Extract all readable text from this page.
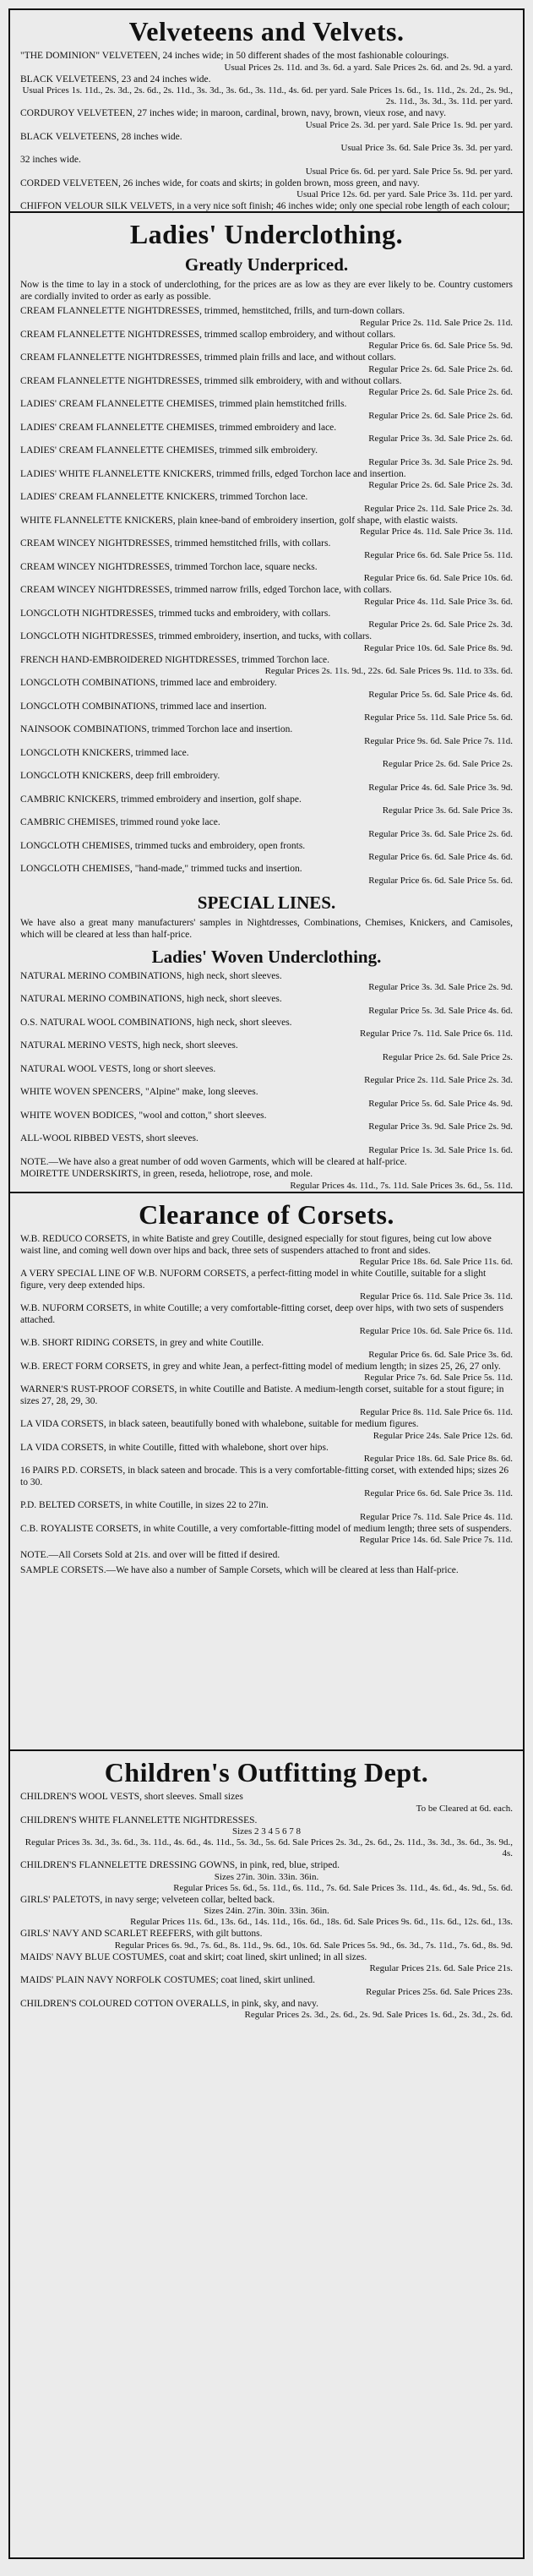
Velveteens and Velvets.
"THE DOMINION" VELVETEEN, 24 inches wide; in 50 different shades of the most fashionable colourings.
Usual Prices 2s. 11d. and 3s. 6d. a yard. Sale Prices 2s. 6d. and 2s. 9d. a yard.
BLACK VELVETEENS, 23 and 24 inches wide.
Usual Prices 1s. 11d., 2s. 3d., 2s. 6d., 2s. 11d., 3s. 3d., 3s. 6d., 3s. 11d., 4s. 6d. per yard. Sale Prices 1s. 6d., 1s. 11d., 2s. 2d., 2s. 9d., 2s. 11d., 3s. 3d., 3s. 11d. per yard.
CORDUROY VELVETEEN, 27 inches wide; in maroon, cardinal, brown, navy, brown, vieux rose, and navy.
Usual Price 2s. 3d. per yard. Sale Price 1s. 9d. per yard.
BLACK VELVETEENS, 28 inches wide.
Usual Price 3s. 6d. Sale Price 3s. 3d. per yard.
32 inches wide.
Usual Price 6s. 6d. per yard. Sale Price 5s. 9d. per yard.
CORDED VELVETEEN, 26 inches wide, for coats and skirts; in golden brown, moss green, and navy.
Usual Price 12s. 6d. per yard. Sale Price 3s. 11d. per yard.
CHIFFON VELOUR SILK VELVETS, in a very nice soft finish; 46 inches wide; only one special robe length of each colour;
Ladies' Underclothing.
Greatly Underpriced.
Now is the time to lay in a stock of underclothing, for the prices are as low as they are ever likely to be. Country customers are cordially invited to order as early as possible.
CREAM FLANNELETTE NIGHTDRESSES, trimmed, hemstitched, frills, and turn-down collars.
Regular Price 2s. 11d. Sale Price 2s. 11d.
CREAM FLANNELETTE NIGHTDRESSES, trimmed scallop embroidery, and without collars.
Regular Price 6s. 6d. Sale Price 5s. 9d.
CREAM FLANNELETTE NIGHTDRESSES, trimmed plain frills and lace, and without collars.
Regular Price 2s. 6d. Sale Price 2s. 6d.
CREAM FLANNELETTE NIGHTDRESSES, trimmed silk embroidery, with and without collars.
Regular Price 2s. 6d. Sale Price 2s. 6d.
LADIES' CREAM FLANNELETTE CHEMISES, trimmed plain hemstitched frills.
Regular Price 2s. 6d. Sale Price 2s. 6d.
LADIES' CREAM FLANNELETTE CHEMISES, trimmed embroidery and lace.
Regular Price 3s. 3d. Sale Price 2s. 6d.
LADIES' CREAM FLANNELETTE CHEMISES, trimmed silk embroidery.
Regular Price 3s. 3d. Sale Price 2s. 9d.
LADIES' WHITE FLANNELETTE KNICKERS, trimmed frills, edged Torchon lace and insertion.
Regular Price 2s. 6d. Sale Price 2s. 3d.
LADIES' CREAM FLANNELETTE KNICKERS, trimmed Torchon lace.
Regular Price 2s. 11d. Sale Price 2s. 3d.
WHITE FLANNELETTE KNICKERS, plain knee-band of embroidery insertion, golf shape, with elastic waists.
Regular Price 4s. 11d. Sale Price 3s. 11d.
CREAM WINCEY NIGHTDRESSES, trimmed hemstitched frills, with collars.
Regular Price 6s. 6d. Sale Price 5s. 11d.
CREAM WINCEY NIGHTDRESSES, trimmed Torchon lace, square necks.
Regular Price 6s. 6d. Sale Price 10s. 6d.
CREAM WINCEY NIGHTDRESSES, trimmed narrow frills, edged Torchon lace, with collars.
Regular Price 4s. 11d. Sale Price 3s. 6d.
LONGCLOTH NIGHTDRESSES, trimmed tucks and embroidery, with collars.
Regular Price 2s. 6d. Sale Price 2s. 3d.
LONGCLOTH NIGHTDRESSES, trimmed embroidery, insertion, and tucks, with collars.
Regular Price 10s. 6d. Sale Price 8s. 9d.
FRENCH HAND-EMBROIDERED NIGHTDRESSES, trimmed Torchon lace.
Regular Prices 2s. 11s. 9d., 22s. 6d. Sale Prices 9s. 11d. to 33s. 6d.
LONGCLOTH COMBINATIONS, trimmed lace and embroidery.
Regular Price 5s. 6d. Sale Price 4s. 6d.
LONGCLOTH COMBINATIONS, trimmed lace and insertion.
Regular Price 5s. 11d. Sale Price 5s. 6d.
NAINSOOK COMBINATIONS, trimmed Torchon lace and insertion.
Regular Price 9s. 6d. Sale Price 7s. 11d.
LONGCLOTH KNICKERS, trimmed lace.
Regular Price 2s. 6d. Sale Price 2s.
LONGCLOTH KNICKERS, deep frill embroidery.
Regular Price 4s. 6d. Sale Price 3s. 9d.
CAMBRIC KNICKERS, trimmed embroidery and insertion, golf shape.
Regular Price 3s. 6d. Sale Price 3s.
CAMBRIC CHEMISES, trimmed round yoke lace.
Regular Price 3s. 6d. Sale Price 2s. 6d.
LONGCLOTH CHEMISES, trimmed tucks and embroidery, open fronts.
Regular Price 6s. 6d. Sale Price 4s. 6d.
LONGCLOTH CHEMISES, "hand-made," trimmed tucks and insertion.
Regular Price 6s. 6d. Sale Price 5s. 6d.
SPECIAL LINES.
We have also a great many manufacturers' samples in Nightdresses, Combinations, Chemises, Knickers, and Camisoles, which will be cleared at less than half-price.
Ladies' Woven Underclothing.
NATURAL MERINO COMBINATIONS, high neck, short sleeves.
Regular Price 3s. 3d. Sale Price 2s. 9d.
NATURAL MERINO COMBINATIONS, high neck, short sleeves.
Regular Price 5s. 3d. Sale Price 4s. 6d.
O.S. NATURAL WOOL COMBINATIONS, high neck, short sleeves.
Regular Price 7s. 11d. Sale Price 6s. 11d.
NATURAL MERINO VESTS, high neck, short sleeves.
Regular Price 2s. 6d. Sale Price 2s.
NATURAL WOOL VESTS, long or short sleeves.
Regular Price 2s. 11d. Sale Price 2s. 3d.
WHITE WOVEN SPENCERS, "Alpine" make, long sleeves.
Regular Price 5s. 6d. Sale Price 4s. 9d.
WHITE WOVEN BODICES, "wool and cotton," short sleeves.
Regular Price 3s. 9d. Sale Price 2s. 9d.
ALL-WOOL RIBBED VESTS, short sleeves.
Regular Price 1s. 3d. Sale Price 1s. 6d.
NOTE.—We have also a great number of odd woven Garments, which will be cleared at half-price.
MOIRETTE UNDERSKIRTS, in green, reseda, heliotrope, rose, and mole.
Regular Prices 4s. 11d., 7s. 11d. Sale Prices 3s. 6d., 5s. 11d.
Clearance of Corsets.
W.B. REDUCO CORSETS, in white Batiste and grey Coutille, designed especially for stout figures, being cut low above waist line, and coming well down over hips and back, three sets of suspenders attached to front and sides.
Regular Price 18s. 6d. Sale Price 11s. 6d.
A VERY SPECIAL LINE OF W.B. NUFORM CORSETS, a perfect-fitting model in white Coutille, suitable for a slight figure, very deep extended hips.
Regular Price 6s. 11d. Sale Price 3s. 11d.
W.B. NUFORM CORSETS, in white Coutille; a very comfortable-fitting corset, deep over hips, with two sets of suspenders attached.
Regular Price 10s. 6d. Sale Price 6s. 11d.
W.B. SHORT RIDING CORSETS, in grey and white Coutille.
Regular Price 6s. 6d. Sale Price 3s. 6d.
W.B. ERECT FORM CORSETS, in grey and white Jean, a perfect-fitting model of medium length; in sizes 25, 26, 27 only.
Regular Price 7s. 6d. Sale Price 5s. 11d.
WARNER'S RUST-PROOF CORSETS, in white Coutille and Batiste. A medium-length corset, suitable for a stout figure; in sizes 27, 28, 29, 30.
Regular Price 8s. 11d. Sale Price 6s. 11d.
LA VIDA CORSETS, in black sateen, beautifully boned with whalebone, suitable for medium figures.
Regular Price 24s. Sale Price 12s. 6d.
LA VIDA CORSETS, in white Coutille, fitted with whalebone, short over hips.
Regular Price 18s. 6d. Sale Price 8s. 6d.
16 PAIRS P.D. CORSETS, in black sateen and brocade. This is a very comfortable-fitting corset, with extended hips; sizes 26 to 30.
Regular Price 6s. 6d. Sale Price 3s. 11d.
P.D. BELTED CORSETS, in white Coutille, in sizes 22 to 27in.
Regular Price 7s. 11d. Sale Price 4s. 11d.
C.B. ROYALISTE CORSETS, in white Coutille, a very comfortable-fitting model of medium length; three sets of suspenders.
Regular Price 14s. 6d. Sale Price 7s. 11d.
NOTE.—All Corsets Sold at 21s. and over will be fitted if desired.
SAMPLE CORSETS.—We have also a number of Sample Corsets, which will be cleared at less than Half-price.
Children's Outfitting Dept.
CHILDREN'S WOOL VESTS, short sleeves. Small sizes
To be Cleared at 6d. each.
CHILDREN'S WHITE FLANNELETTE NIGHTDRESSES.
Sizes 2 3 4 5 6 7 8
Regular Prices 3s. 3d., 3s. 6d., 3s. 11d., 4s. 6d., 4s. 11d., 5s. 3d., 5s. 6d. Sale Prices 2s. 3d., 2s. 6d., 2s. 11d., 3s. 3d., 3s. 6d., 3s. 9d., 4s.
CHILDREN'S FLANNELETTE DRESSING GOWNS, in pink, red, blue, striped.
Sizes 27in. 30in. 33in. 36in.
Regular Prices 5s. 6d., 5s. 11d., 6s. 11d., 7s. 6d. Sale Prices 3s. 11d., 4s. 6d., 4s. 9d., 5s. 6d.
GIRLS' PALETOTS, in navy serge; velveteen collar, belted back.
Sizes 24in. 27in. 30in. 33in. 36in.
Regular Prices 11s. 6d., 13s. 6d., 14s. 11d., 16s. 6d., 18s. 6d. Sale Prices 9s. 6d., 11s. 6d., 12s. 6d., 13s.
GIRLS' NAVY AND SCARLET REEFERS, with gilt buttons.
Regular Prices 6s. 9d., 7s. 6d., 8s. 11d., 9s. 6d., 10s. 6d. Sale Prices 5s. 9d., 6s. 3d., 7s. 11d., 7s. 6d., 8s. 9d.
MAIDS' NAVY BLUE COSTUMES, coat and skirt; coat lined, skirt unlined; in all sizes.
Regular Prices 21s. 6d. Sale Price 21s.
MAIDS' PLAIN NAVY NORFOLK COSTUMES; coat lined, skirt unlined.
Regular Prices 25s. 6d. Sale Prices 23s.
CHILDREN'S COLOURED COTTON OVERALLS, in pink, sky, and navy.
Regular Prices 2s. 3d., 2s. 6d., 2s. 9d. Sale Prices 1s. 6d., 2s. 3d., 2s. 6d.
